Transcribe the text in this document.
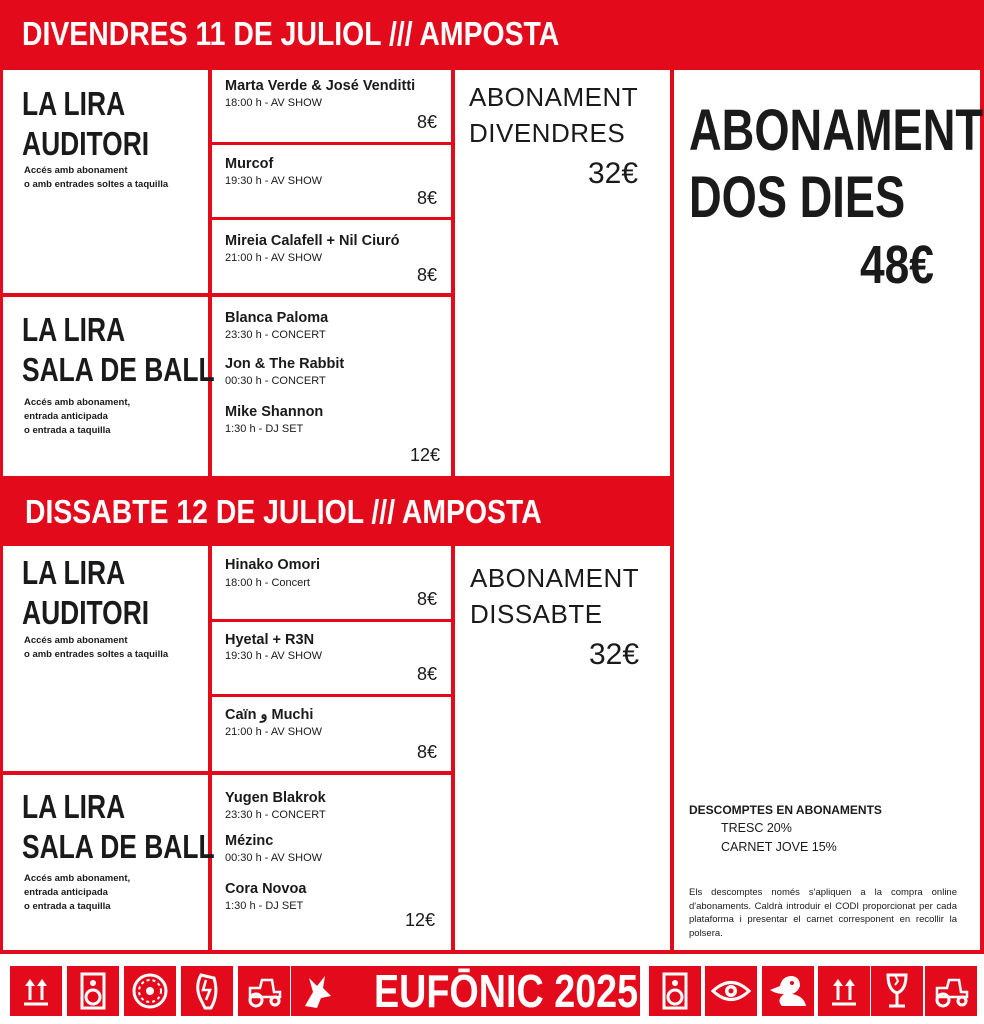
DIVENDRES 11 DE JULIOL /// AMPOSTA
DISSABTE 12 DE JULIOL /// AMPOSTA
LA LIRA
AUDITORI
Accés amb abonament
o amb entrades soltes a taquilla
Marta Verde & José Venditti
18:00 h - AV SHOW
8€
Murcof
19:30 h - AV SHOW
8€
Mireia Calafell + Nil Ciuró
21:00 h - AV SHOW
8€
LA LIRA
SALA DE BALL
Accés amb abonament,
entrada anticipada
o entrada a taquilla
Blanca Paloma
23:30 h - CONCERT
Jon & The Rabbit
00:30 h - CONCERT
Mike Shannon
1:30 h - DJ SET
12€
ABONAMENT
DIVENDRES
32€
ABONAMENT
DOS DIES
48€
LA LIRA
AUDITORI
Accés amb abonament
o amb entrades soltes a taquilla
Hinako Omori
18:00 h - Concert
8€
Hyetal + R3N
19:30 h - AV SHOW
8€
Caïn و Muchi
21:00 h - AV SHOW
8€
LA LIRA
SALA DE BALL
Accés amb abonament,
entrada anticipada
o entrada a taquilla
Yugen Blakrok
23:30 h - CONCERT
Mézinc
00:30 h - AV SHOW
Cora Novoa
1:30 h - DJ SET
12€
ABONAMENT
DISSABTE
32€
DESCOMPTES EN ABONAMENTS
TRESC 20%
CARNET JOVE 15%
Els descomptes només s'apliquen a la compra online d'abonaments. Caldrà introduir el CODI proporcionat per cada plataforma i presentar el carnet corresponent en recollir la polsera.
EUFŌNIC 2025
